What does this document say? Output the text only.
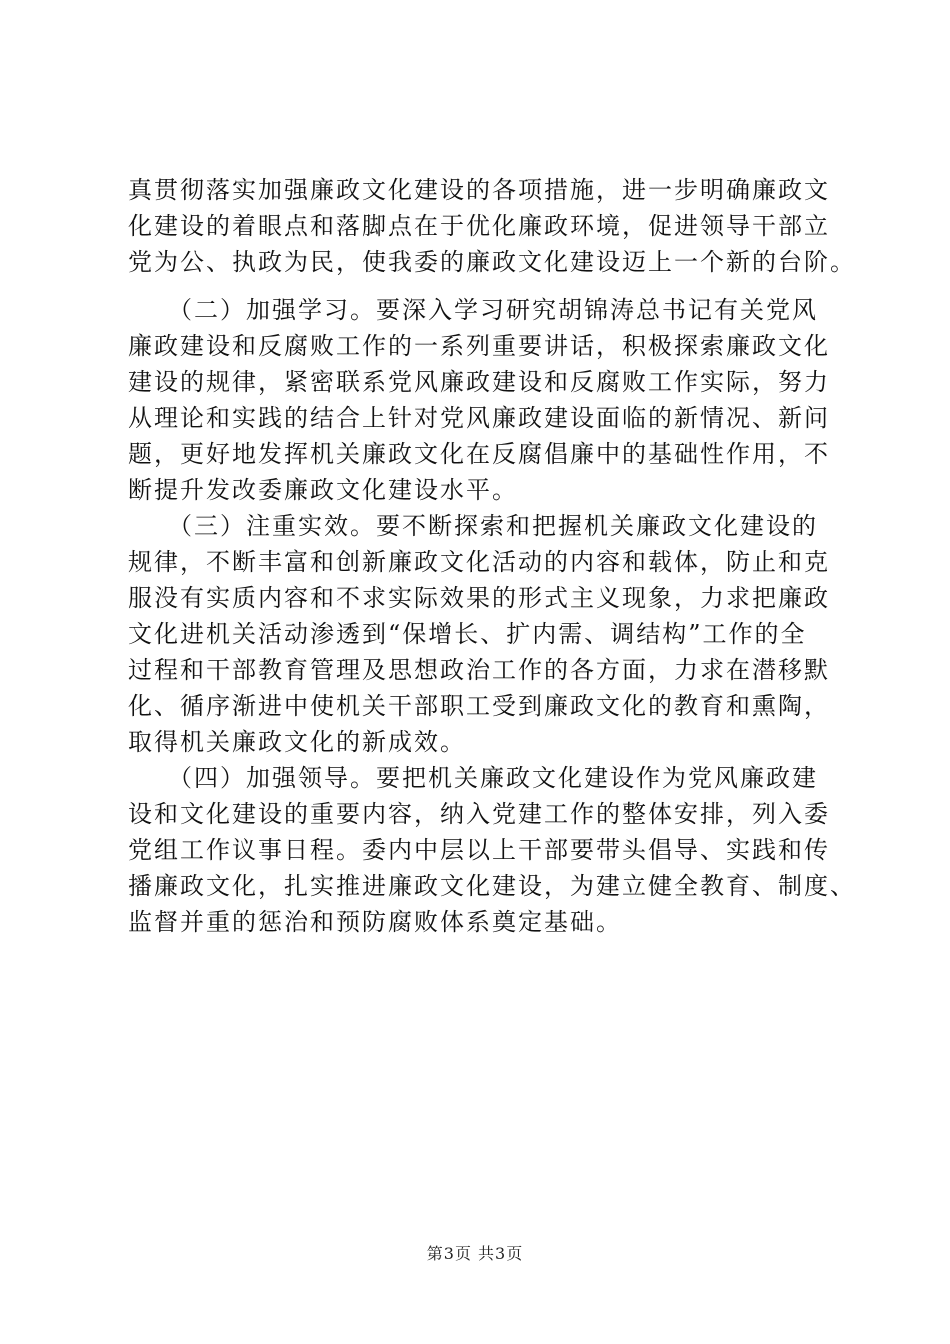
真贯彻落实加强廉政文化建设的各项措施，进一步明确廉政文
化建设的着眼点和落脚点在于优化廉政环境，促进领导干部立
党为公、执政为民，使我委的廉政文化建设迈上一个新的台阶。
　　（二）加强学习。要深入学习研究胡锦涛总书记有关党风
廉政建设和反腐败工作的一系列重要讲话，积极探索廉政文化
建设的规律，紧密联系党风廉政建设和反腐败工作实际，努力
从理论和实践的结合上针对党风廉政建设面临的新情况、新问
题，更好地发挥机关廉政文化在反腐倡廉中的基础性作用，不
断提升发改委廉政文化建设水平。
　　（三）注重实效。要不断探索和把握机关廉政文化建设的
规律，不断丰富和创新廉政文化活动的内容和载体，防止和克
服没有实质内容和不求实际效果的形式主义现象，力求把廉政
文化进机关活动渗透到“保增长、扩内需、调结构”工作的全
过程和干部教育管理及思想政治工作的各方面，力求在潜移默
化、循序渐进中使机关干部职工受到廉政文化的教育和熏陶，
取得机关廉政文化的新成效。
　　（四）加强领导。要把机关廉政文化建设作为党风廉政建
设和文化建设的重要内容，纳入党建工作的整体安排，列入委
党组工作议事日程。委内中层以上干部要带头倡导、实践和传
播廉政文化，扎实推进廉政文化建设，为建立健全教育、制度、
监督并重的惩治和预防腐败体系奠定基础。
第3页 共3页
